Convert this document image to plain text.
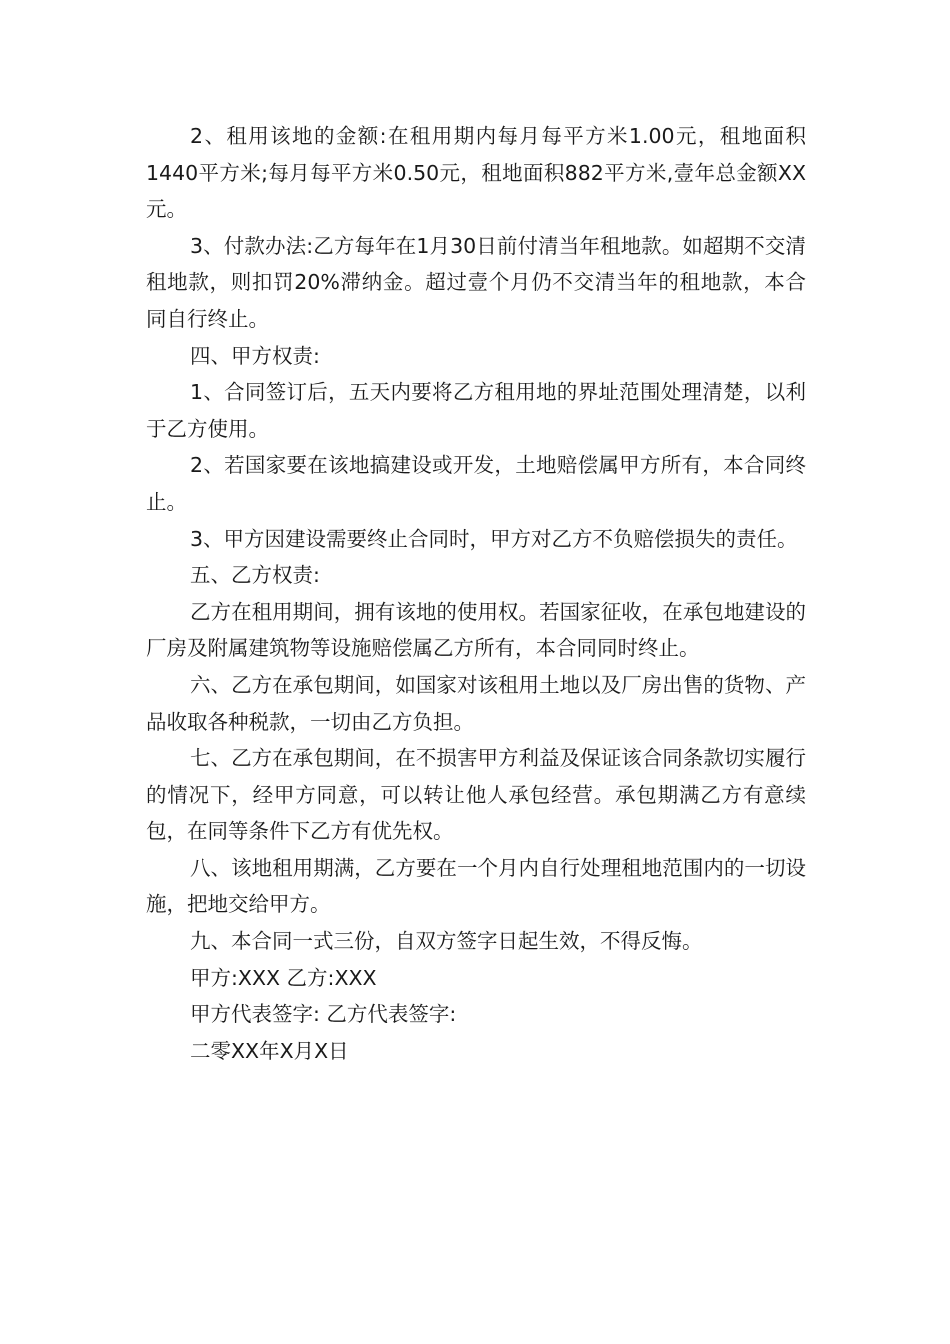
2、租用该地的金额:在租用期内每月每平方米1.00元，租地面积1440平方米;每月每平方米0.50元，租地面积882平方米,壹年总金额XX元。

3、付款办法:乙方每年在1月30日前付清当年租地款。如超期不交清租地款，则扣罚20%滞纳金。超过壹个月仍不交清当年的租地款，本合同自行终止。

四、甲方权责:

1、合同签订后，五天内要将乙方租用地的界址范围处理清楚，以利于乙方使用。

2、若国家要在该地搞建设或开发，土地赔偿属甲方所有，本合同终止。

3、甲方因建设需要终止合同时，甲方对乙方不负赔偿损失的责任。

五、乙方权责:

乙方在租用期间，拥有该地的使用权。若国家征收，在承包地建设的厂房及附属建筑物等设施赔偿属乙方所有，本合同同时终止。

六、乙方在承包期间，如国家对该租用土地以及厂房出售的货物、产品收取各种税款，一切由乙方负担。

七、乙方在承包期间，在不损害甲方利益及保证该合同条款切实履行的情况下，经甲方同意，可以转让他人承包经营。承包期满乙方有意续包，在同等条件下乙方有优先权。

八、该地租用期满，乙方要在一个月内自行处理租地范围内的一切设施，把地交给甲方。

九、本合同一式三份，自双方签字日起生效，不得反悔。

甲方:XXX 乙方:XXX

甲方代表签字: 乙方代表签字:

二零XX年X月X日
